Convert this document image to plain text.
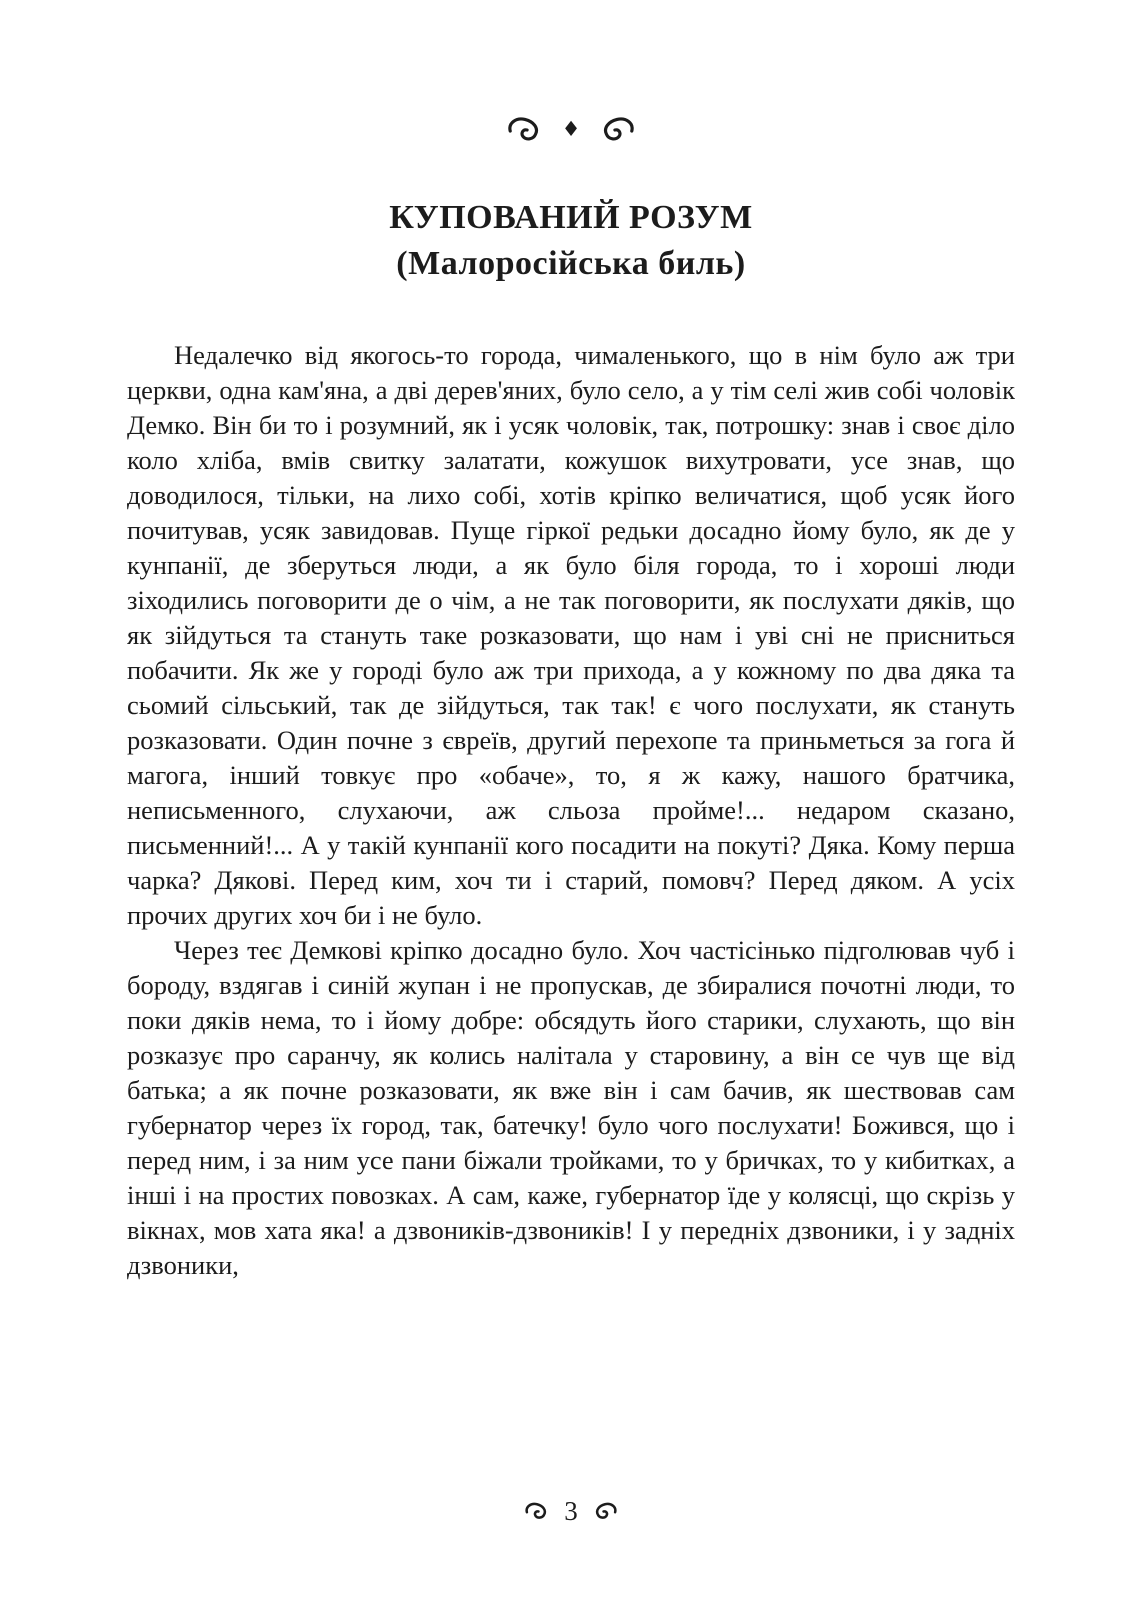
♦
КУПОВАНИЙ РОЗУМ
(Малоросійська биль)

Недалечко від якогось-то города, чималенького, що в нім було аж три церкви, одна кам'яна, а дві дерев'яних, було село, а у тім селі жив собі чоловік Демко. Він би то і розумний, як і усяк чоловік, так, потрошку: знав і своє діло коло хліба, вмів свитку залатати, кожушок вихутровати, усе знав, що доводилося, тільки, на лихо собі, хотів кріпко величатися, щоб усяк його почитував, усяк завидовав. Пуще гіркої редьки досадно йому було, як де у кунпанії, де зберуться люди, а як було біля города, то і хороші люди зіходились поговорити де о чім, а не так поговорити, як послухати дяків, що як зійдуться та стануть таке розказовати, що нам і уві сні не присниться побачити. Як же у городі було аж три прихода, а у кожному по два дяка та сьомий сільський, так де зійдуться, так так! є чого послухати, як стануть розказовати. Один почне з євреїв, другий перехопе та приньметься за гога й магога, інший товкує про «обаче», то, я ж кажу, нашого братчика, неписьменного, слухаючи, аж сльоза пройме!... недаром сказано, письменний!... А у такій кунпанії кого посадити на покуті? Дяка. Кому перша чарка? Дякові. Перед ким, хоч ти і старий, помовч? Перед дяком. А усіх прочих других хоч би і не було.

Через теє Демкові кріпко досадно було. Хоч частісінько підголював чуб і бороду, вздягав і синій жупан і не пропускав, де збиралися почотні люди, то поки дяків нема, то і йому добре: обсядуть його старики, слухають, що він розказує про саранчу, як колись налітала у старовину, а він се чув ще від батька; а як почне розказовати, як вже він і сам бачив, як шествовав сам губернатор через їх город, так, батечку! було чого послухати! Божився, що і перед ним, і за ним усе пани біжали тройками, то у бричках, то у кибитках, а інші і на простих повозках. А сам, каже, губернатор їде у колясці, що скрізь у вікнах, мов хата яка! а дзвоників-дзвоників! І у передніх дзвоники, і у задніх дзвоники,

3
